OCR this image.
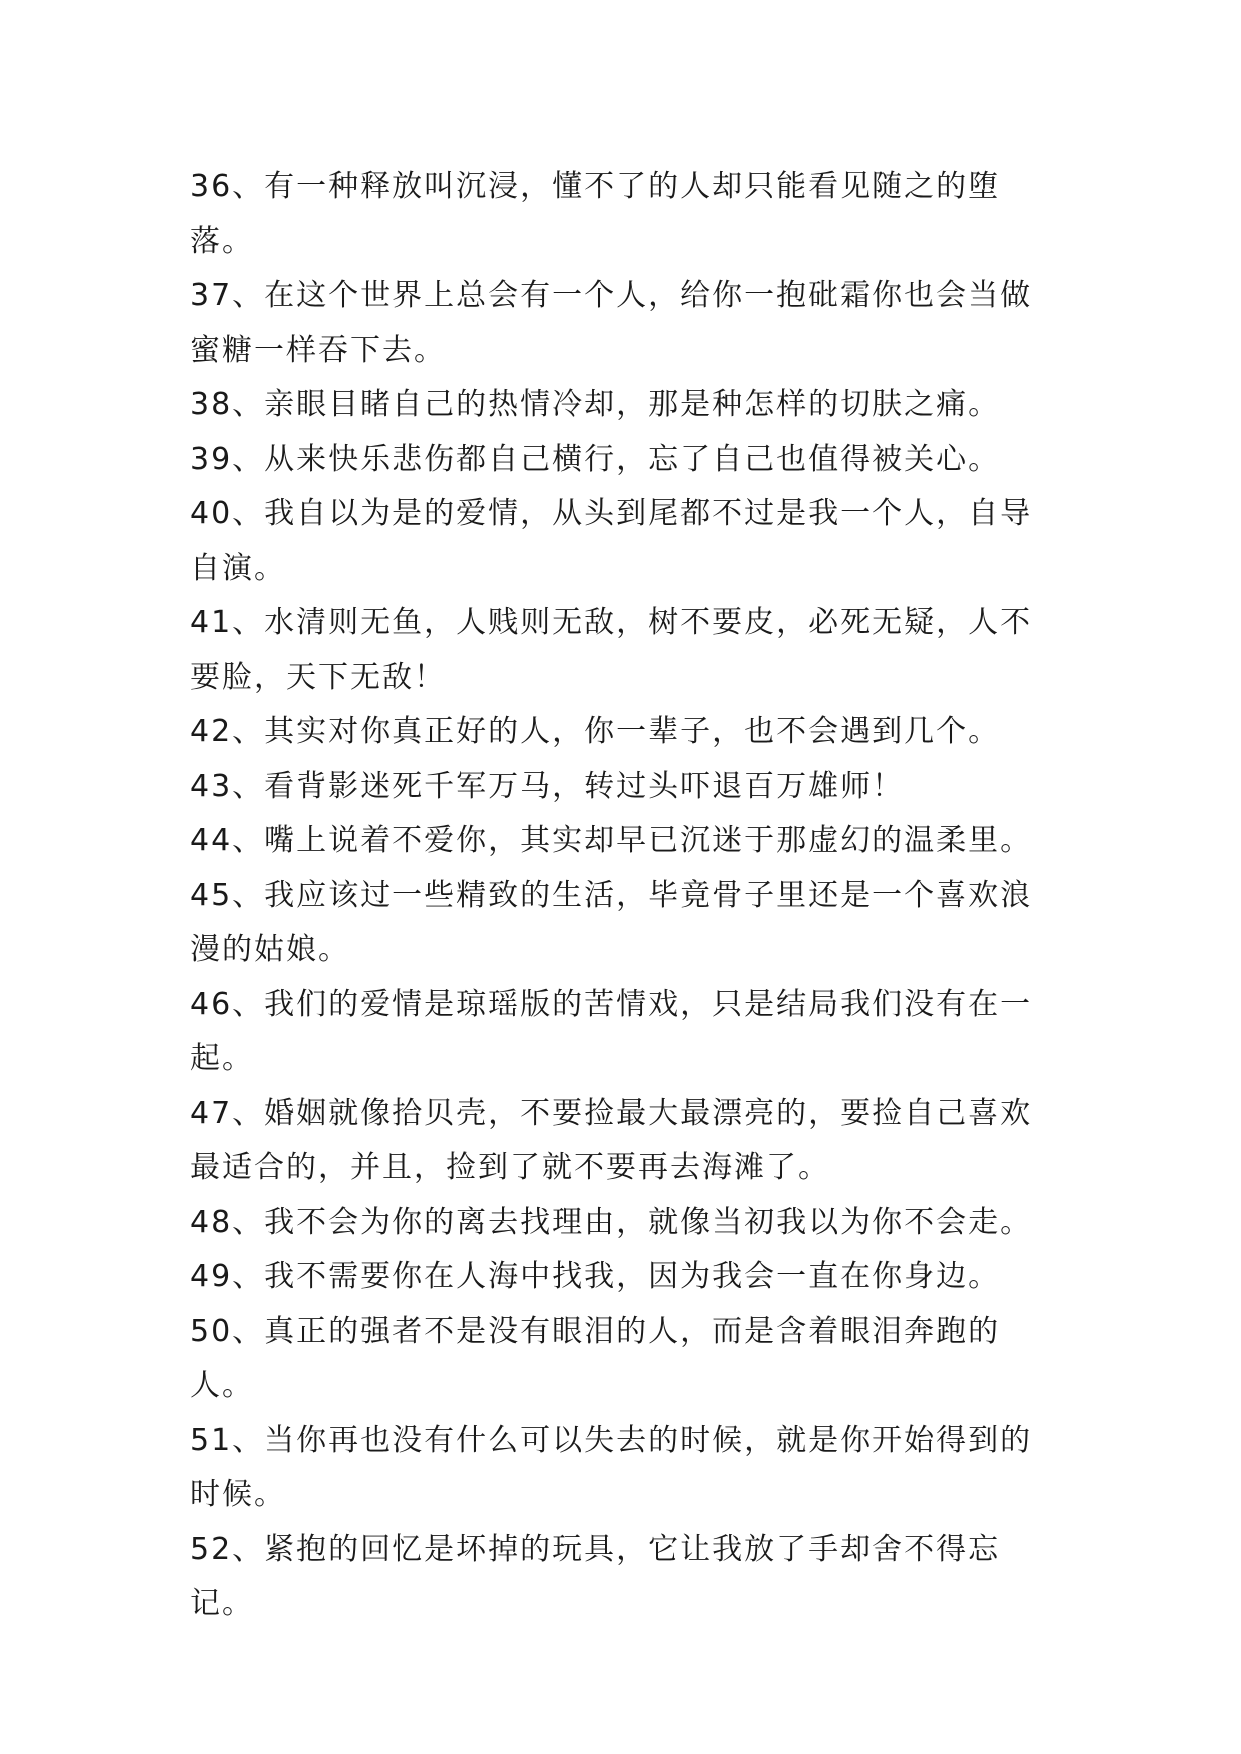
36、有一种释放叫沉浸，懂不了的人却只能看见随之的堕落。

37、在这个世界上总会有一个人，给你一抱砒霜你也会当做蜜糖一样吞下去。

38、亲眼目睹自己的热情冷却，那是种怎样的切肤之痛。

39、从来快乐悲伤都自己横行，忘了自己也值得被关心。

40、我自以为是的爱情，从头到尾都不过是我一个人，自导自演。

41、水清则无鱼，人贱则无敌，树不要皮，必死无疑，人不要脸，天下无敌！

42、其实对你真正好的人，你一辈子，也不会遇到几个。

43、看背影迷死千军万马，转过头吓退百万雄师！

44、嘴上说着不爱你，其实却早已沉迷于那虚幻的温柔里。

45、我应该过一些精致的生活，毕竟骨子里还是一个喜欢浪漫的姑娘。

46、我们的爱情是琼瑶版的苦情戏，只是结局我们没有在一起。

47、婚姻就像拾贝壳，不要捡最大最漂亮的，要捡自己喜欢最适合的，并且，捡到了就不要再去海滩了。

48、我不会为你的离去找理由，就像当初我以为你不会走。

49、我不需要你在人海中找我，因为我会一直在你身边。

50、真正的强者不是没有眼泪的人，而是含着眼泪奔跑的人。

51、当你再也没有什么可以失去的时候，就是你开始得到的时候。

52、紧抱的回忆是坏掉的玩具，它让我放了手却舍不得忘记。
